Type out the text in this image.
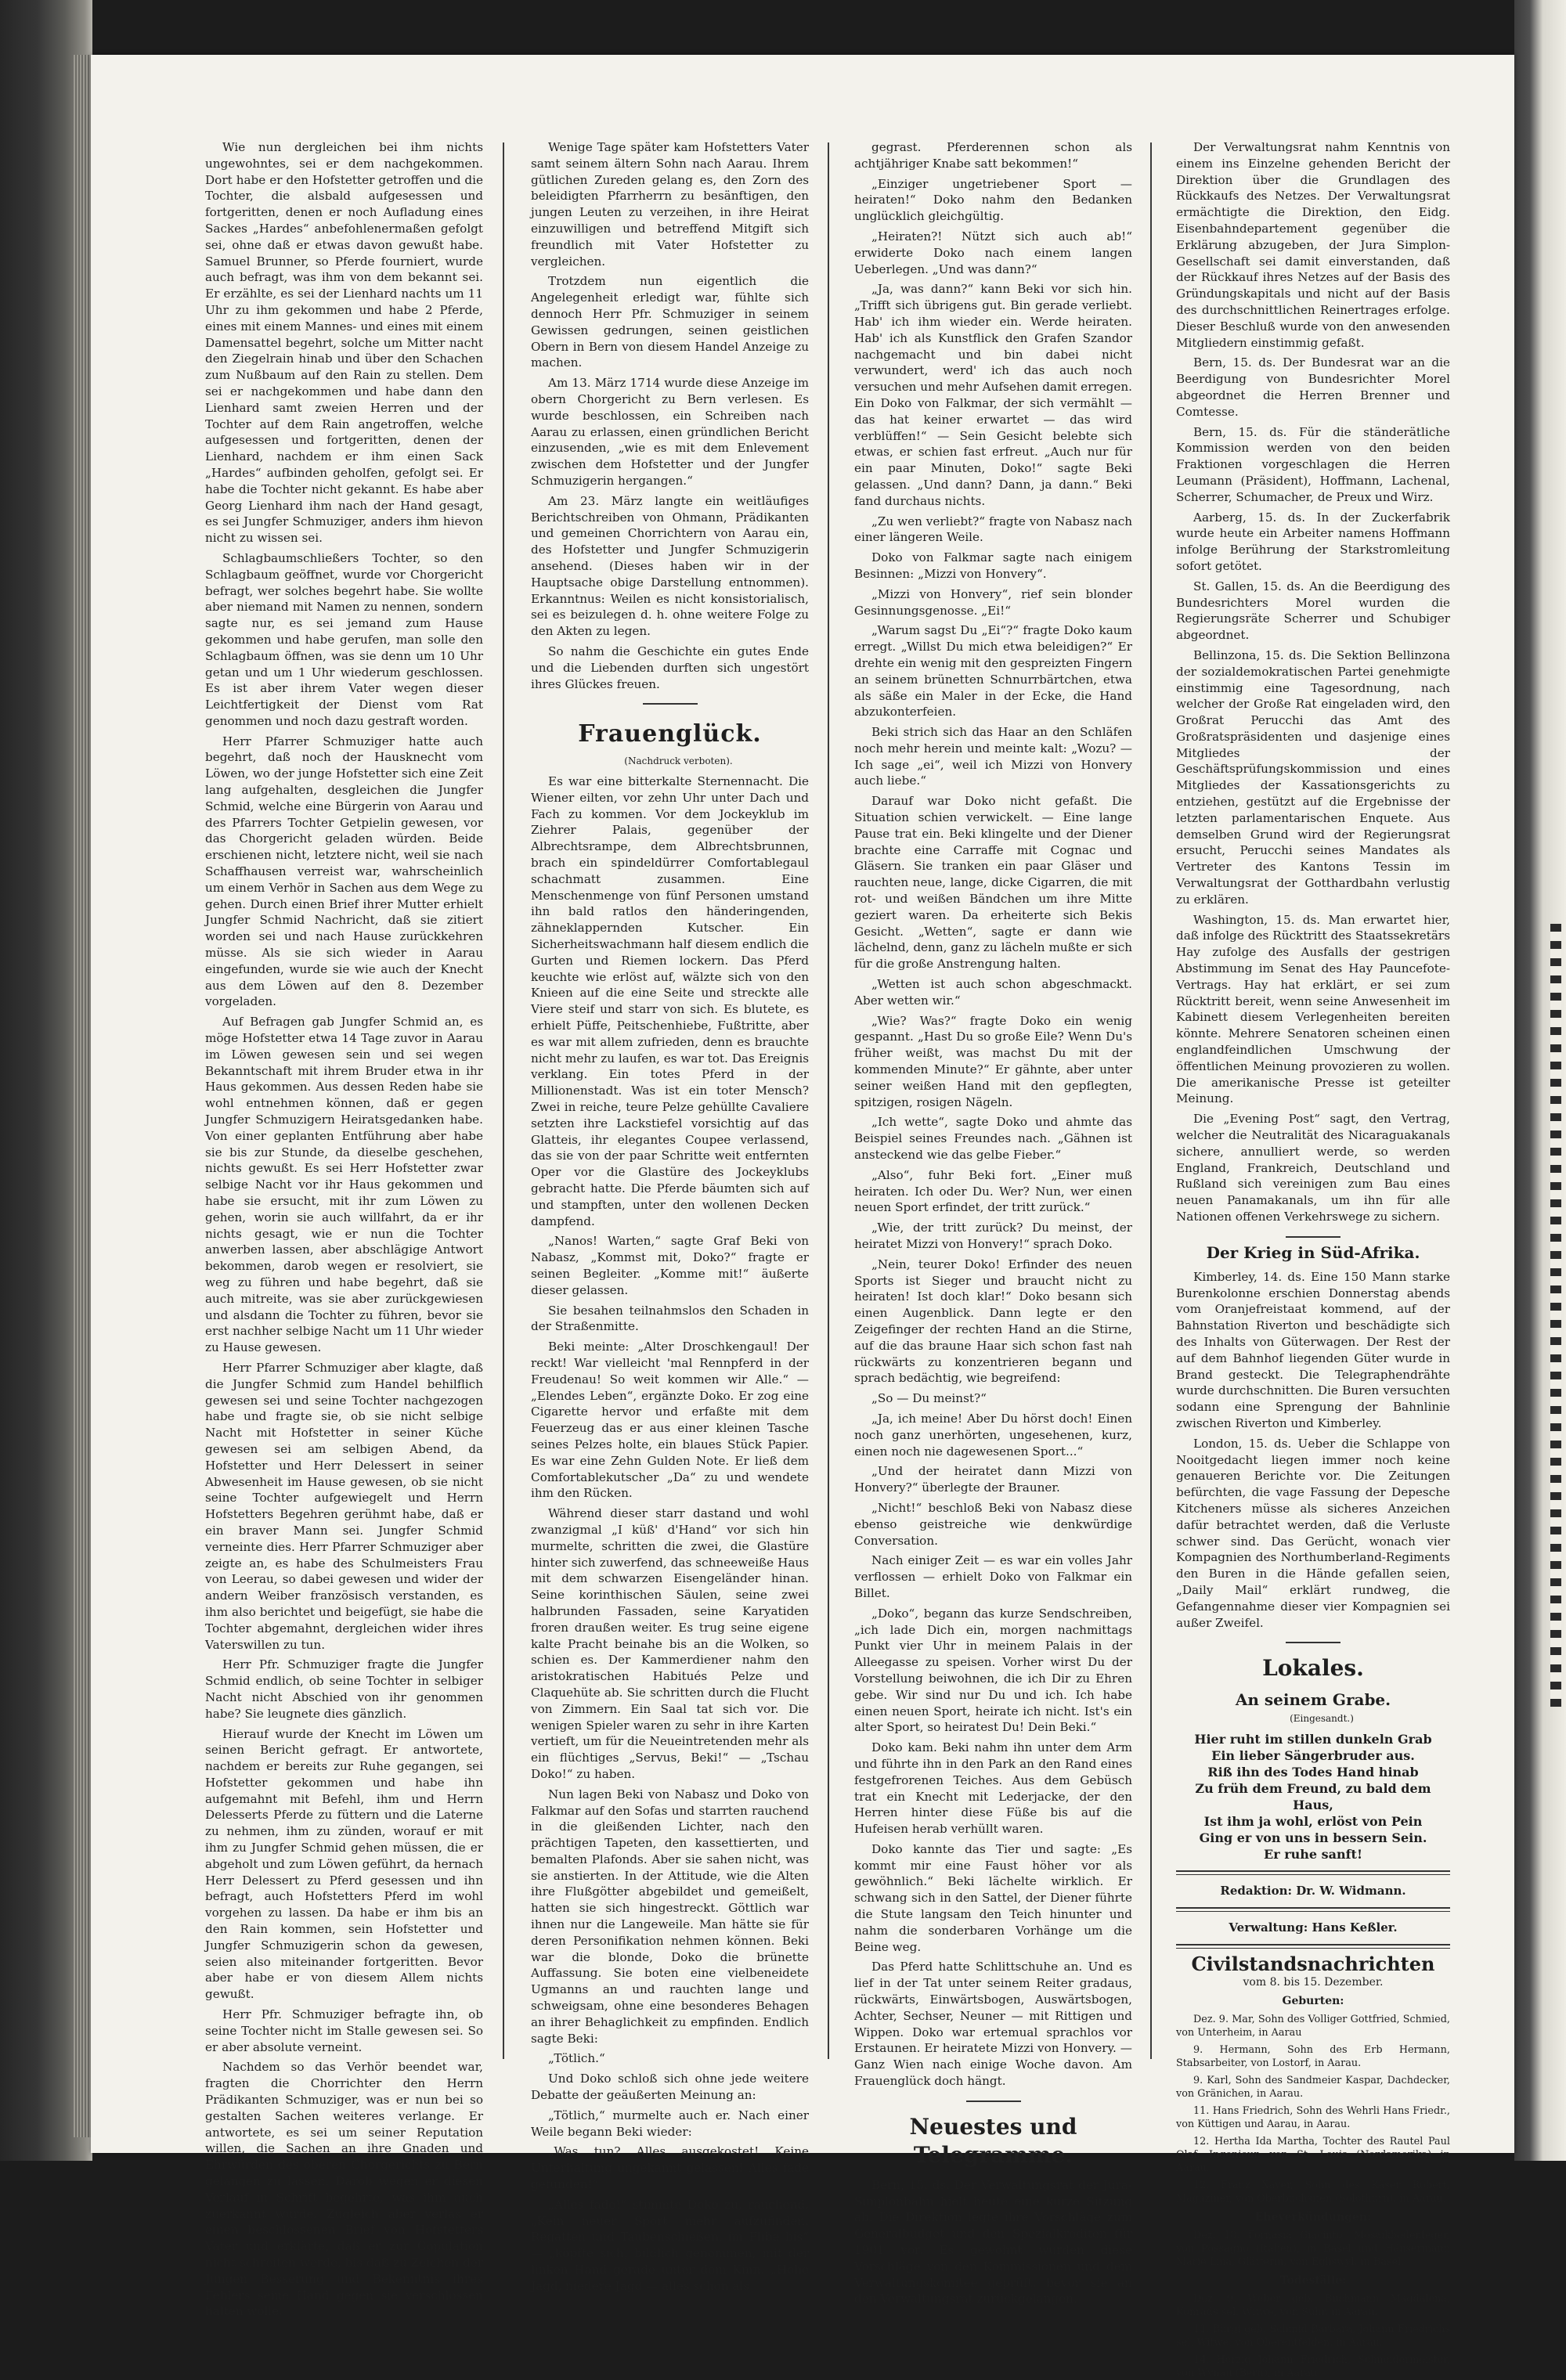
Wie nun dergleichen bei ihm nichts ungewohntes, sei er dem nachgekommen. Dort habe er den Hofstetter getroffen und die Tochter, die alsbald aufgesessen und fortgeritten, denen er noch Aufladung eines Sackes „Hardes“ anbefohlenermaßen gefolgt sei, ohne daß er etwas davon gewußt habe. Samuel Brunner, so Pferde fourniert, wurde auch befragt, was ihm von dem bekannt sei. Er erzählte, es sei der Lienhard nachts um 11 Uhr zu ihm gekommen und habe 2 Pferde, eines mit einem Mannes- und eines mit einem Damensattel begehrt, solche um Mitter nacht den Ziegelrain hinab und über den Schachen zum Nußbaum auf den Rain zu stellen. Dem sei er nachgekommen und habe dann den Lienhard samt zweien Herren und der Tochter auf dem Rain angetroffen, welche aufgesessen und fortgeritten, denen der Lienhard, nachdem er ihm einen Sack „Hardes“ aufbinden geholfen, gefolgt sei. Er habe die Tochter nicht gekannt. Es habe aber Georg Lienhard ihm nach der Hand gesagt, es sei Jungfer Schmuziger, anders ihm hievon nicht zu wissen sei.

Schlagbaumschließers Tochter, so den Schlagbaum geöffnet, wurde vor Chorgericht befragt, wer solches begehrt habe. Sie wollte aber niemand mit Namen zu nennen, sondern sagte nur, es sei jemand zum Hause gekommen und habe gerufen, man solle den Schlagbaum öffnen, was sie denn um 10 Uhr getan und um 1 Uhr wiederum geschlossen. Es ist aber ihrem Vater wegen dieser Leichtfertigkeit der Dienst vom Rat genommen und noch dazu gestraft worden.

Herr Pfarrer Schmuziger hatte auch begehrt, daß noch der Hausknecht vom Löwen, wo der junge Hofstetter sich eine Zeit lang aufgehalten, desgleichen die Jungfer Schmid, welche eine Bürgerin von Aarau und des Pfarrers Tochter Getpielin gewesen, vor das Chorgericht geladen würden. Beide erschienen nicht, letztere nicht, weil sie nach Schaffhausen verreist war, wahrscheinlich um einem Verhör in Sachen aus dem Wege zu gehen. Durch einen Brief ihrer Mutter erhielt Jungfer Schmid Nachricht, daß sie zitiert worden sei und nach Hause zurückkehren müsse. Als sie sich wieder in Aarau eingefunden, wurde sie wie auch der Knecht aus dem Löwen auf den 8. Dezember vorgeladen.

Auf Befragen gab Jungfer Schmid an, es möge Hofstetter etwa 14 Tage zuvor in Aarau im Löwen gewesen sein und sei wegen Bekanntschaft mit ihrem Bruder etwa in ihr Haus gekommen. Aus dessen Reden habe sie wohl entnehmen können, daß er gegen Jungfer Schmuzigern Heiratsgedanken habe. Von einer geplanten Entführung aber habe sie bis zur Stunde, da dieselbe geschehen, nichts gewußt. Es sei Herr Hofstetter zwar selbige Nacht vor ihr Haus gekommen und habe sie ersucht, mit ihr zum Löwen zu gehen, worin sie auch willfahrt, da er ihr nichts gesagt, wie er nun die Tochter anwerben lassen, aber abschlägige Antwort bekommen, darob wegen er resolviert, sie weg zu führen und habe begehrt, daß sie auch mitreite, was sie aber zurückgewiesen und alsdann die Tochter zu führen, bevor sie erst nachher selbige Nacht um 11 Uhr wieder zu Hause gewesen.

Herr Pfarrer Schmuziger aber klagte, daß die Jungfer Schmid zum Handel behilflich gewesen sei und seine Tochter nachgezogen habe und fragte sie, ob sie nicht selbige Nacht mit Hofstetter in seiner Küche gewesen sei am selbigen Abend, da Hofstetter und Herr Delessert in seiner Abwesenheit im Hause gewesen, ob sie nicht seine Tochter aufgewiegelt und Herrn Hofstetters Begehren gerühmt habe, daß er ein braver Mann sei. Jungfer Schmid verneinte dies. Herr Pfarrer Schmuziger aber zeigte an, es habe des Schulmeisters Frau von Leerau, so dabei gewesen und wider der andern Weiber französisch verstanden, es ihm also berichtet und beigefügt, sie habe die Tochter abgemahnt, dergleichen wider ihres Vaterswillen zu tun.

Herr Pfr. Schmuziger fragte die Jungfer Schmid endlich, ob seine Tochter in selbiger Nacht nicht Abschied von ihr genommen habe? Sie leugnete dies gänzlich.

Hierauf wurde der Knecht im Löwen um seinen Bericht gefragt. Er antwortete, nachdem er bereits zur Ruhe gegangen, sei Hofstetter gekommen und habe ihn aufgemahnt mit Befehl, ihm und Herrn Delesserts Pferde zu füttern und die Laterne zu nehmen, ihm zu zünden, worauf er mit ihm zu Jungfer Schmid gehen müssen, die er abgeholt und zum Löwen geführt, da hernach Herr Delessert zu Pferd gesessen und ihn befragt, auch Hofstetters Pferd im wohl vorgehen zu lassen. Da habe er ihm bis an den Rain kommen, sein Hofstetter und Jungfer Schmuzigerin schon da gewesen, seien also miteinander fortgeritten. Bevor aber habe er von diesem Allem nichts gewußt.

Herr Pfr. Schmuziger befragte ihn, ob seine Tochter nicht im Stalle gewesen sei. So er aber absolute verneint.

Nachdem so das Verhör beendet war, fragten die Chorrichter den Herrn Prädikanten Schmuziger, was er nun bei so gestalten Sachen weiteres verlange. Er antwortete, es sei um seiner Reputation willen, die Sachen an ihre Gnaden und Ehrwürden des oberen Chorgerichts zu Bern gelangen zu lassen. Darob wegen er diesen Verlauf in Schrift begehrte, was ihm auch zuerkannt wurde. Zugleich aber verlas er einen beschlossenen Brief von Hofstetters Vater und erklärte, daß er zur Copulation nicht schreiten werde, bis daß zu Zeichen der Jungen Besserung und Bekenntnis ihres Fehlers seine Hand gegen sie verschlossen halten wolle.

Wenige Tage später kam Hofstetters Vater samt seinem ältern Sohn nach Aarau. Ihrem gütlichen Zureden gelang es, den Zorn des beleidigten Pfarrherrn zu besänftigen, den jungen Leuten zu verzeihen, in ihre Heirat einzuwilligen und betreffend Mitgift sich freundlich mit Vater Hofstetter zu vergleichen.

Trotzdem nun eigentlich die Angelegenheit erledigt war, fühlte sich dennoch Herr Pfr. Schmuziger in seinem Gewissen gedrungen, seinen geistlichen Obern in Bern von diesem Handel Anzeige zu machen.

Am 13. März 1714 wurde diese Anzeige im obern Chorgericht zu Bern verlesen. Es wurde beschlossen, ein Schreiben nach Aarau zu erlassen, einen gründlichen Bericht einzusenden, „wie es mit dem Enlevement zwischen dem Hofstetter und der Jungfer Schmuzigerin hergangen.“

Am 23. März langte ein weitläufiges Berichtschreiben von Ohmann, Prädikanten und gemeinen Chorrichtern von Aarau ein, des Hofstetter und Jungfer Schmuzigerin ansehend. (Dieses haben wir in der Hauptsache obige Darstellung entnommen). Erkanntnus: Weilen es nicht konsistorialisch, sei es beizulegen d. h. ohne weitere Folge zu den Akten zu legen.

So nahm die Geschichte ein gutes Ende und die Liebenden durften sich ungestört ihres Glückes freuen.

Frauenglück.

(Nachdruck verboten).

Es war eine bitterkalte Sternennacht. Die Wiener eilten, vor zehn Uhr unter Dach und Fach zu kommen. Vor dem Jockeyklub im Ziehrer Palais, gegenüber der Albrechtsrampe, dem Albrechtsbrunnen, brach ein spindeldürrer Comfortablegaul schachmatt zusammen. Eine Menschenmenge von fünf Personen umstand ihn bald ratlos den händeringenden, zähneklappernden Kutscher. Ein Sicherheitswachmann half diesem endlich die Gurten und Riemen lockern. Das Pferd keuchte wie erlöst auf, wälzte sich von den Knieen auf die eine Seite und streckte alle Viere steif und starr von sich. Es blutete, es erhielt Püffe, Peitschenhiebe, Fußtritte, aber es war mit allem zufrieden, denn es brauchte nicht mehr zu laufen, es war tot. Das Ereignis verklang. Ein totes Pferd in der Millionenstadt. Was ist ein toter Mensch? Zwei in reiche, teure Pelze gehüllte Cavaliere setzten ihre Lackstiefel vorsichtig auf das Glatteis, ihr elegantes Coupee verlassend, das sie von der paar Schritte weit entfernten Oper vor die Glastüre des Jockeyklubs gebracht hatte. Die Pferde bäumten sich auf und stampften, unter den wollenen Decken dampfend.

„Nanos! Warten,“ sagte Graf Beki von Nabasz, „Kommst mit, Doko?“ fragte er seinen Begleiter. „Komme mit!“ äußerte dieser gelassen.

Sie besahen teilnahmslos den Schaden in der Straßenmitte.

Beki meinte: „Alter Droschkengaul! Der reckt! War vielleicht 'mal Rennpferd in der Freudenau! So weit kommen wir Alle.“ — „Elendes Leben“, ergänzte Doko. Er zog eine Cigarette hervor und erfaßte mit dem Feuerzeug das er aus einer kleinen Tasche seines Pelzes holte, ein blaues Stück Papier. Es war eine Zehn Gulden Note. Er ließ dem Comfortablekutscher „Da“ zu und wendete ihm den Rücken.

Während dieser starr dastand und wohl zwanzigmal „I küß' d'Hand“ vor sich hin murmelte, schritten die zwei, die Glastüre hinter sich zuwerfend, das schneeweiße Haus mit dem schwarzen Eisengeländer hinan. Seine korinthischen Säulen, seine zwei halbrunden Fassaden, seine Karyatiden froren draußen weiter. Es trug seine eigene kalte Pracht beinahe bis an die Wolken, so schien es. Der Kammerdiener nahm den aristokratischen Habitués Pelze und Claquehüte ab. Sie schritten durch die Flucht von Zimmern. Ein Saal tat sich vor. Die wenigen Spieler waren zu sehr in ihre Karten vertieft, um für die Neueintretenden mehr als ein flüchtiges „Servus, Beki!“ — „Tschau Doko!“ zu haben.

Nun lagen Beki von Nabasz und Doko von Falkmar auf den Sofas und starrten rauchend in die gleißenden Lichter, nach den prächtigen Tapeten, den kassettierten, und bemalten Plafonds. Aber sie sahen nicht, was sie anstierten. In der Attitude, wie die Alten ihre Flußgötter abgebildet und gemeißelt, hatten sie sich hingestreckt. Göttlich war ihnen nur die Langeweile. Man hätte sie für deren Personifikation nehmen können. Beki war die blonde, Doko die brünette Auffassung. Sie boten eine vielbeneidete Ugmanns an und rauchten lange und schweigsam, ohne eine besonderes Behagen an ihrer Behaglichkeit zu empfinden. Endlich sagte Beki:

„Tötlich.“

Und Doko schloß sich ohne jede weitere Debatte der geäußerten Meinung an:

„Tötlich,“ murmelte auch er. Nach einer Weile begann Beki wieder:

„Was tun? Alles ausgekostet! Keine Unterhaltung ungekannt gelassen! Alles fade gefunden!“

„Alles fade!“ stimmte Doko zu, rauchend. „Kein neuer Sport mehr aufzufinden. Regatten und Taubenschießen, im Flibe bis“ — „köpfte sich, bildlich genommen, mit der linken Hand gerade unter dem Kinn. „Hohe Jagd, niedere Jagd — alles schon als

gegrast. Pferderennen schon als achtjähriger Knabe satt bekommen!“

„Einziger ungetriebener Sport — heiraten!“ Doko nahm den Bedanken unglücklich gleichgültig.

„Heiraten?! Nützt sich auch ab!“ erwiderte Doko nach einem langen Ueberlegen. „Und was dann?“

„Ja, was dann?“ kann Beki vor sich hin. „Trifft sich übrigens gut. Bin gerade verliebt. Hab' ich ihm wieder ein. Werde heiraten. Hab' ich als Kunstflick den Grafen Szandor nachgemacht und bin dabei nicht verwundert, werd' ich das auch noch versuchen und mehr Aufsehen damit erregen. Ein Doko von Falkmar, der sich vermählt — das hat keiner erwartet — das wird verblüffen!“ — Sein Gesicht belebte sich etwas, er schien fast erfreut. „Auch nur für ein paar Minuten, Doko!“ sagte Beki gelassen. „Und dann? Dann, ja dann.“ Beki fand durchaus nichts.

„Zu wen verliebt?“ fragte von Nabasz nach einer längeren Weile.

Doko von Falkmar sagte nach einigem Besinnen: „Mizzi von Honvery“.

„Mizzi von Honvery“, rief sein blonder Gesinnungsgenosse. „Ei!“

„Warum sagst Du „Ei“?“ fragte Doko kaum erregt. „Willst Du mich etwa beleidigen?“ Er drehte ein wenig mit den gespreizten Fingern an seinem brünetten Schnurrbärtchen, etwa als säße ein Maler in der Ecke, die Hand abzukonterfeien.

Beki strich sich das Haar an den Schläfen noch mehr herein und meinte kalt: „Wozu? — Ich sage „ei“, weil ich Mizzi von Honvery auch liebe.“

Darauf war Doko nicht gefaßt. Die Situation schien verwickelt. — Eine lange Pause trat ein. Beki klingelte und der Diener brachte eine Carraffe mit Cognac und Gläsern. Sie tranken ein paar Gläser und rauchten neue, lange, dicke Cigarren, die mit rot- und weißen Bändchen um ihre Mitte geziert waren. Da erheiterte sich Bekis Gesicht. „Wetten“, sagte er dann wie lächelnd, denn, ganz zu lächeln mußte er sich für die große Anstrengung halten.

„Wetten ist auch schon abgeschmackt. Aber wetten wir.“

„Wie? Was?“ fragte Doko ein wenig gespannt. „Hast Du so große Eile? Wenn Du's früher weißt, was machst Du mit der kommenden Minute?“ Er gähnte, aber unter seiner weißen Hand mit den gepflegten, spitzigen, rosigen Nägeln.

„Ich wette“, sagte Doko und ahmte das Beispiel seines Freundes nach. „Gähnen ist ansteckend wie das gelbe Fieber.“

„Also“, fuhr Beki fort. „Einer muß heiraten. Ich oder Du. Wer? Nun, wer einen neuen Sport erfindet, der tritt zurück.“

„Wie, der tritt zurück? Du meinst, der heiratet Mizzi von Honvery!“ sprach Doko.

„Nein, teurer Doko! Erfinder des neuen Sports ist Sieger und braucht nicht zu heiraten! Ist doch klar!“ Doko besann sich einen Augenblick. Dann legte er den Zeigefinger der rechten Hand an die Stirne, auf die das braune Haar sich schon fast nah rückwärts zu konzentrieren begann und sprach bedächtig, wie begreifend:

„So — Du meinst?“

„Ja, ich meine! Aber Du hörst doch! Einen noch ganz unerhörten, ungesehenen, kurz, einen noch nie dagewesenen Sport...“

„Und der heiratet dann Mizzi von Honvery?“ überlegte der Brauner.

„Nicht!“ beschloß Beki von Nabasz diese ebenso geistreiche wie denkwürdige Conversation.

Nach einiger Zeit — es war ein volles Jahr verflossen — erhielt Doko von Falkmar ein Billet.

„Doko“, begann das kurze Sendschreiben, „ich lade Dich ein, morgen nachmittags Punkt vier Uhr in meinem Palais in der Alleegasse zu speisen. Vorher wirst Du der Vorstellung beiwohnen, die ich Dir zu Ehren gebe. Wir sind nur Du und ich. Ich habe einen neuen Sport, heirate ich nicht. Ist's ein alter Sport, so heiratest Du! Dein Beki.“

Doko kam. Beki nahm ihn unter dem Arm und führte ihn in den Park an den Rand eines festgefrorenen Teiches. Aus dem Gebüsch trat ein Knecht mit Lederjacke, der den Herren hinter diese Füße bis auf die Hufeisen herab verhüllt waren.

Doko kannte das Tier und sagte: „Es kommt mir eine Faust höher vor als gewöhnlich.“ Beki lächelte wirklich. Er schwang sich in den Sattel, der Diener führte die Stute langsam den Teich hinunter und nahm die sonderbaren Vorhänge um die Beine weg.

Das Pferd hatte Schlittschuhe an. Und es lief in der Tat unter seinem Reiter gradaus, rückwärts, Einwärtsbogen, Auswärtsbogen, Achter, Sechser, Neuner — mit Rittigen und Wippen. Doko war ertemual sprachlos vor Erstaunen. Er heiratete Mizzi von Honvery. — Ganz Wien nach einige Woche davon. Am Frauenglück doch hängt.

Neuestes und Telegramme.

Bern, 15. ds. Der Verwaltungsrat der Jura-Simplonbahn hielt heute eine kurze Sitzung ab. Die Direktion legte ihre Vorschläge zum Generalbudget und den Spezialkrediten für 1901 vor. Es gewohnt wurden diese Vorschläge von den Kommissionen und dem Verwaltungskomitee geprüft, bevor sie an den Verwaltungsrat zurückgelangen.

Der Verwaltungsrat nahm Kenntnis von einem ins Einzelne gehenden Bericht der Direktion über die Grundlagen des Rückkaufs des Netzes. Der Verwaltungsrat ermächtigte die Direktion, den Eidg. Eisenbahndepartement gegenüber die Erklärung abzugeben, der Jura Simplon-Gesellschaft sei damit einverstanden, daß der Rückkauf ihres Netzes auf der Basis des Gründungskapitals und nicht auf der Basis des durchschnittlichen Reinertrages erfolge. Dieser Beschluß wurde von den anwesenden Mitgliedern einstimmig gefaßt.

Bern, 15. ds. Der Bundesrat war an die Beerdigung von Bundesrichter Morel abgeordnet die Herren Brenner und Comtesse.

Bern, 15. ds. Für die ständerätliche Kommission werden von den beiden Fraktionen vorgeschlagen die Herren Leumann (Präsident), Hoffmann, Lachenal, Scherrer, Schumacher, de Preux und Wirz.

Aarberg, 15. ds. In der Zuckerfabrik wurde heute ein Arbeiter namens Hoffmann infolge Berührung der Starkstromleitung sofort getötet.

St. Gallen, 15. ds. An die Beerdigung des Bundesrichters Morel wurden die Regierungsräte Scherrer und Schubiger abgeordnet.

Bellinzona, 15. ds. Die Sektion Bellinzona der sozialdemokratischen Partei genehmigte einstimmig eine Tagesordnung, nach welcher der Große Rat eingeladen wird, den Großrat Perucchi das Amt des Großratspräsidenten und dasjenige eines Mitgliedes der Geschäftsprüfungskommission und eines Mitgliedes der Kassationsgerichts zu entziehen, gestützt auf die Ergebnisse der letzten parlamentarischen Enquete. Aus demselben Grund wird der Regierungsrat ersucht, Perucchi seines Mandates als Vertreter des Kantons Tessin im Verwaltungsrat der Gotthardbahn verlustig zu erklären.

Washington, 15. ds. Man erwartet hier, daß infolge des Rücktritt des Staatssekretärs Hay zufolge des Ausfalls der gestrigen Abstimmung im Senat des Hay Pauncefote-Vertrags. Hay hat erklärt, er sei zum Rücktritt bereit, wenn seine Anwesenheit im Kabinett diesem Verlegenheiten bereiten könnte. Mehrere Senatoren scheinen einen englandfeindlichen Umschwung der öffentlichen Meinung provozieren zu wollen. Die amerikanische Presse ist geteilter Meinung.

Die „Evening Post“ sagt, den Vertrag, welcher die Neutralität des Nicaraguakanals sichere, annulliert werde, so werden England, Frankreich, Deutschland und Rußland sich vereinigen zum Bau eines neuen Panamakanals, um ihn für alle Nationen offenen Verkehrswege zu sichern.

Der Krieg in Süd-Afrika.

Kimberley, 14. ds. Eine 150 Mann starke Burenkolonne erschien Donnerstag abends vom Oranjefreistaat kommend, auf der Bahnstation Riverton und beschädigte sich des Inhalts von Güterwagen. Der Rest der auf dem Bahnhof liegenden Güter wurde in Brand gesteckt. Die Telegraphendrähte wurde durchschnitten. Die Buren versuchten sodann eine Sprengung der Bahnlinie zwischen Riverton und Kimberley.

London, 15. ds. Ueber die Schlappe von Nooitgedacht liegen immer noch keine genaueren Berichte vor. Die Zeitungen befürchten, die vage Fassung der Depesche Kitcheners müsse als sicheres Anzeichen dafür betrachtet werden, daß die Verluste schwer sind. Das Gerücht, wonach vier Kompagnien des Northumberland-Regiments den Buren in die Hände gefallen seien, „Daily Mail“ erklärt rundweg, die Gefangennahme dieser vier Kompagnien sei außer Zweifel.

Lokales.
An seinem Grabe.

(Eingesandt.)

Hier ruht im stillen dunkeln Grab
Ein lieber Sängerbruder aus.
Riß ihn des Todes Hand hinab
Zu früh dem Freund, zu bald dem Haus,
Ist ihm ja wohl, erlöst von Pein
Ging er von uns in bessern Sein.
Er ruhe sanft!
Redaktion: Dr. W. Widmann.
Verwaltung: Hans Keßler.
Civilstandsnachrichten
vom 8. bis 15. Dezember.
Geburten:

Dez. 9. Mar, Sohn des Volliger Gottfried, Schmied, von Unterheim, in Aarau

9. Hermann, Sohn des Erb Hermann, Stabsarbeiter, von Lostorf, in Aarau.

9. Karl, Sohn des Sandmeier Kaspar, Dachdecker, von Gränichen, in Aarau.

11. Hans Friedrich, Sohn des Wehrli Hans Friedr., von Küttigen und Aarau, in Aarau.

12. Hertha Ida Martha, Tochter des Rautel Paul Olaf, Ingenieur, von St. Louis (Nordamerika) in Aarau.

12. Franz Xaver, Sohn des Käser Robert, Magaziner, von Oberbuchsiten (Solothurn), in Aarau.

Eheverkündungen:

Dez. 18. Fornasia Giacinto, Mosaikbodenleger, von Possagno (Italien), in Basel und Häusermann Marie Lina, Glätterin, von Egliswyl, in Basel.

Todesfälle:

Dez. 9. Weber geb. Buchmann Magdalena, Konrads sel. Witwe, von Suhr, in Aarau.

11. Bürgi geb. Schmid Barbara, Johann Friedrichs sel. Witwe, von Oberentfelden, in Aarau.

14. Herzig Johann Friedrich, Schneidermeister, von Wynau (Bern), in Aarau.
